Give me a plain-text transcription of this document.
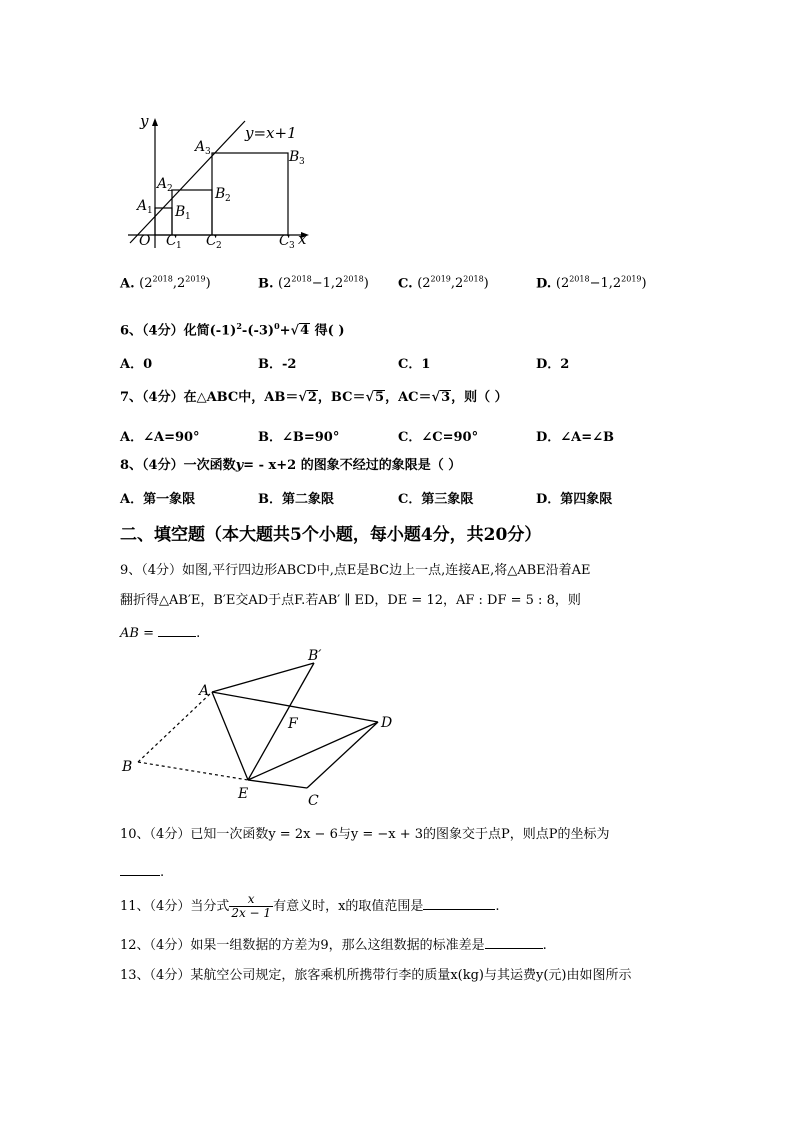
y
x
O
y=x+1
A 1
A 2
A 3
B 1
B 2
B 3
C 1 C 2	C 3
A. $(2^{2018},2^{2019})$	B. $(2^{2018}-1,2^{2018})$ C. $(2^{2019},2^{2018})$	D. $(2^{2018}-1,2^{2019})$
6、（4分）化简$(-1)^2-(-3)^0+√4$ 得( )
A．0	B．-2	C．1	D．2
7、（4分）在△ABC中，AB＝√2，BC＝√5，AC＝√3，则（ ）
A．∠A=90°	B．∠B=90°	C．∠C=90°	D．∠A=∠B
8、（4分）一次函数y= - x+2 的图象不经过的象限是（ ）
A．第一象限	B．第二象限	C．第三象限	D．第四象限
二、填空题（本大题共5个小题，每小题4分，共20分）
9、（4分）如图,平行四边形ABCD中,点E是BC边上一点,连接AE,将△ABE沿着AE
翻折得△AB′E，B′E交AD于点F.若AB′ ∥ ED，DE = 12，AF : DF = 5 : 8，则
AB =	.
A
B′
B
D
E	C
F
10、（4分）已知一次函数y = 2x − 6与y = −x + 3的图象交于点P，则点P的坐标为
.
11、（4分）当分式 $\frac{x}{2x - 1}$ 有意义时，x的取值范围是	.
12、（4分）如果一组数据的方差为9，那么这组数据的标准差是	.
13、（4分）某航空公司规定，旅客乘机所携带行李的质量x(kg)与其运费y(元)由如图所示
